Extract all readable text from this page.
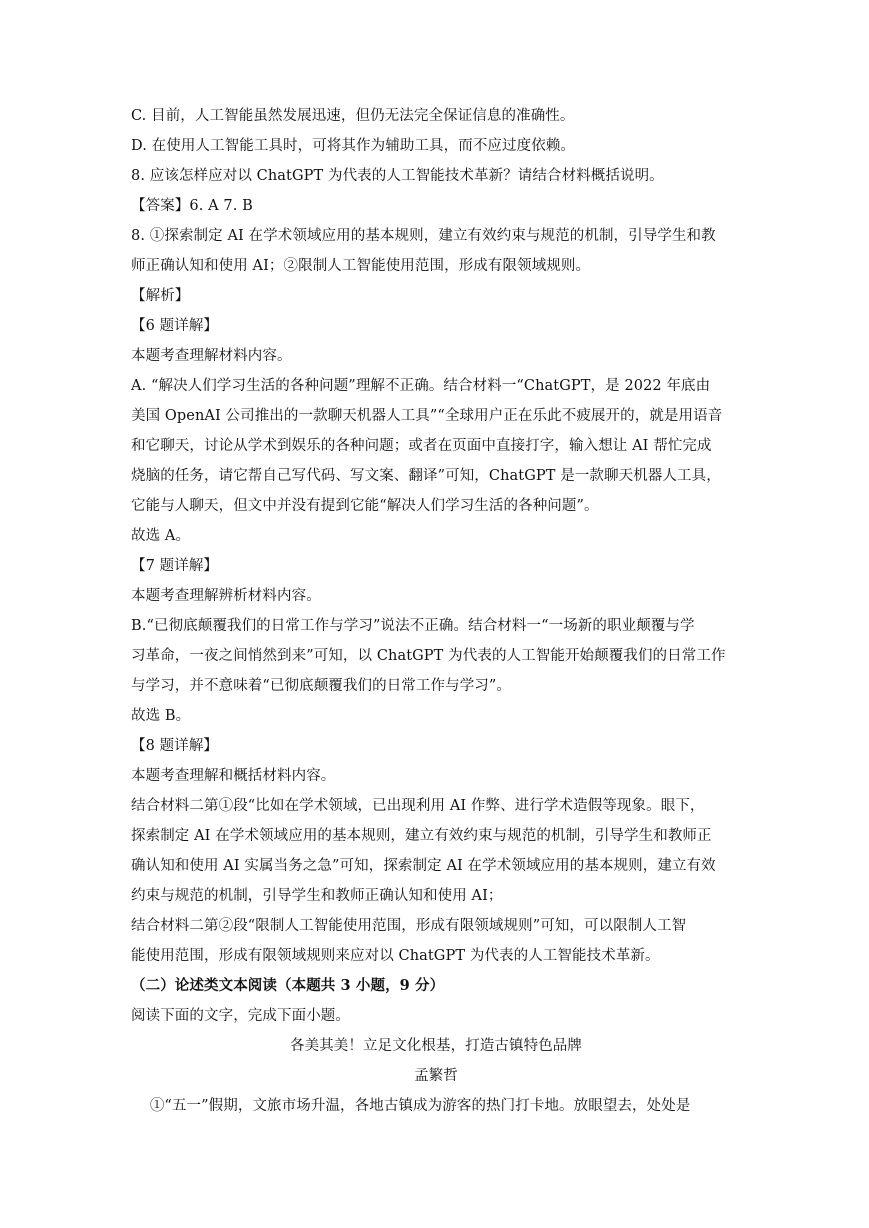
C. 目前，人工智能虽然发展迅速，但仍无法完全保证信息的准确性。
D. 在使用人工智能工具时，可将其作为辅助工具，而不应过度依赖。
8. 应该怎样应对以 ChatGPT 为代表的人工智能技术革新？请结合材料概括说明。
【答案】6. A 7. B
8. ①探索制定 AI 在学术领域应用的基本规则，建立有效约束与规范的机制，引导学生和教
师正确认知和使用 AI；②限制人工智能使用范围，形成有限领域规则。
【解析】
【6 题详解】
本题考查理解材料内容。
A. “解决人们学习生活的各种问题”理解不正确。结合材料一“ChatGPT，是 2022 年底由
美国 OpenAI 公司推出的一款聊天机器人工具”“全球用户正在乐此不疲展开的，就是用语音
和它聊天，讨论从学术到娱乐的各种问题；或者在页面中直接打字，输入想让 AI 帮忙完成
烧脑的任务，请它帮自己写代码、写文案、翻译”可知，ChatGPT 是一款聊天机器人工具，
它能与人聊天，但文中并没有提到它能“解决人们学习生活的各种问题”。
故选 A。
【7 题详解】
本题考查理解辨析材料内容。
B.“已彻底颠覆我们的日常工作与学习”说法不正确。结合材料一“一场新的职业颠覆与学
习革命，一夜之间悄然到来”可知，以 ChatGPT 为代表的人工智能开始颠覆我们的日常工作
与学习，并不意味着“已彻底颠覆我们的日常工作与学习”。
故选 B。
【8 题详解】
本题考查理解和概括材料内容。
结合材料二第①段“比如在学术领域，已出现利用 AI 作弊、进行学术造假等现象。眼下，
探索制定 AI 在学术领域应用的基本规则，建立有效约束与规范的机制，引导学生和教师正
确认知和使用 AI 实属当务之急”可知，探索制定 AI 在学术领域应用的基本规则，建立有效
约束与规范的机制，引导学生和教师正确认知和使用 AI；
结合材料二第②段“限制人工智能使用范围，形成有限领域规则”可知，可以限制人工智
能使用范围，形成有限领域规则来应对以 ChatGPT 为代表的人工智能技术革新。
（二）论述类文本阅读（本题共 3 小题，9 分）
阅读下面的文字，完成下面小题。
各美其美！立足文化根基，打造古镇特色品牌
孟繁哲
①“五一”假期，文旅市场升温，各地古镇成为游客的热门打卡地。放眼望去，处处是
